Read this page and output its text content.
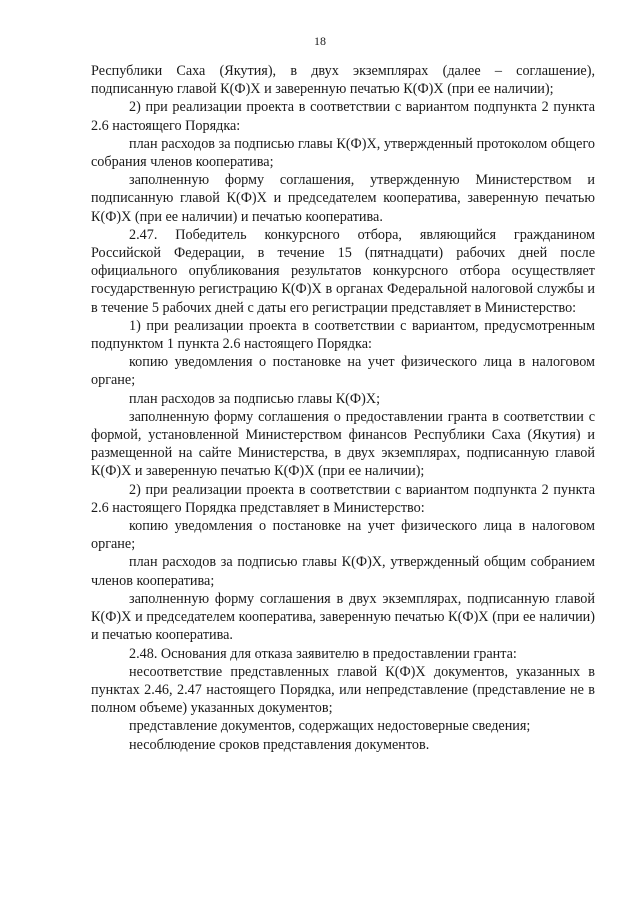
18

Республики Саха (Якутия), в двух экземплярах (далее – соглашение), подписанную главой К(Ф)Х и заверенную печатью К(Ф)Х (при ее наличии);

2) при реализации проекта в соответствии с вариантом подпункта 2 пункта 2.6 настоящего Порядка:

план расходов за подписью главы К(Ф)Х, утвержденный протоколом общего собрания членов кооператива;

заполненную форму соглашения, утвержденную Министерством и подписанную главой К(Ф)Х и председателем кооператива, заверенную печатью К(Ф)Х (при ее наличии) и печатью кооператива.

2.47. Победитель конкурсного отбора, являющийся гражданином Российской Федерации, в течение 15 (пятнадцати) рабочих дней после официального опубликования результатов конкурсного отбора осуществляет государственную регистрацию К(Ф)Х в органах Федеральной налоговой службы и в течение 5 рабочих дней с даты его регистрации представляет в Министерство:

1) при реализации проекта в соответствии с вариантом, предусмотренным подпунктом 1 пункта 2.6 настоящего Порядка:

копию уведомления о постановке на учет физического лица в налоговом органе;

план расходов за подписью главы К(Ф)Х;

заполненную форму соглашения о предоставлении гранта в соответствии с формой, установленной Министерством финансов Республики Саха (Якутия) и размещенной на сайте Министерства, в двух экземплярах, подписанную главой К(Ф)Х и заверенную печатью К(Ф)Х (при ее наличии);

2) при реализации проекта в соответствии с вариантом подпункта 2 пункта 2.6 настоящего Порядка представляет в Министерство:

копию уведомления о постановке на учет физического лица в налоговом органе;

план расходов за подписью главы К(Ф)Х, утвержденный общим собранием членов кооператива;

заполненную форму соглашения в двух экземплярах, подписанную главой К(Ф)Х и председателем кооператива, заверенную печатью К(Ф)Х (при ее наличии) и печатью кооператива.

2.48. Основания для отказа заявителю в предоставлении гранта:

несоответствие представленных главой К(Ф)Х документов, указанных в пунктах 2.46, 2.47 настоящего Порядка, или непредставление (представление не в полном объеме) указанных документов;

представление документов, содержащих недостоверные сведения;

несоблюдение сроков представления документов.
